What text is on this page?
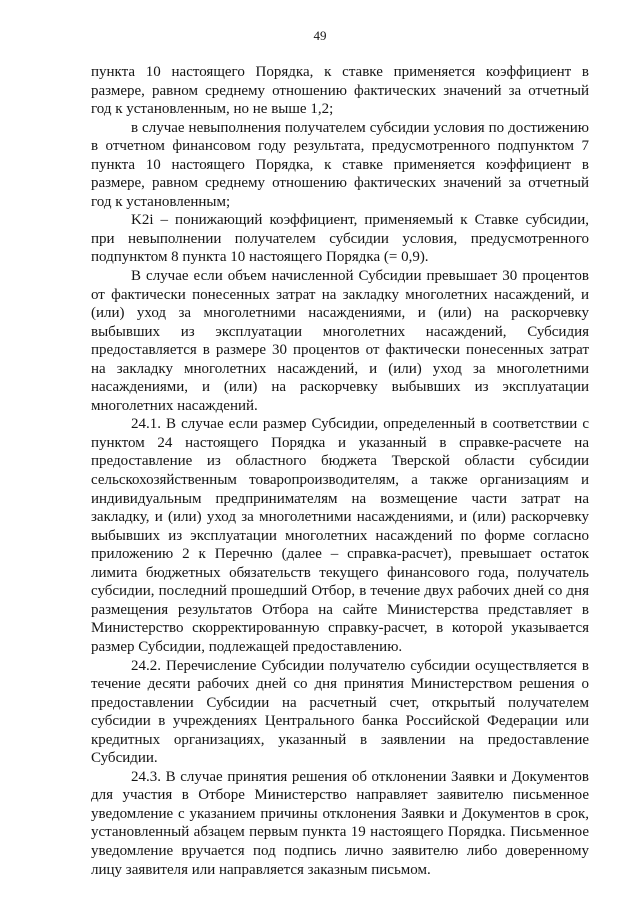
49

пункта 10 настоящего Порядка, к ставке применяется коэффициент в размере, равном среднему отношению фактических значений за отчетный год к установленным, но не выше 1,2;

в случае невыполнения получателем субсидии условия по достижению в отчетном финансовом году результата, предусмотренного подпунктом 7 пункта 10 настоящего Порядка, к ставке применяется коэффициент в размере, равном среднему отношению фактических значений за отчетный год к установленным;

K2i – понижающий коэффициент, применяемый к Ставке субсидии, при невыполнении получателем субсидии условия, предусмотренного подпунктом 8 пункта 10 настоящего Порядка (= 0,9).

В случае если объем начисленной Субсидии превышает 30 процентов от фактически понесенных затрат на закладку многолетних насаждений, и (или) уход за многолетними насаждениями, и (или) на раскорчевку выбывших из эксплуатации многолетних насаждений, Субсидия предоставляется в размере 30 процентов от фактически понесенных затрат на закладку многолетних насаждений, и (или) уход за многолетними насаждениями, и (или) на раскорчевку выбывших из эксплуатации многолетних насаждений.

24.1. В случае если размер Субсидии, определенный в соответствии с пунктом 24 настоящего Порядка и указанный в справке-расчете на предоставление из областного бюджета Тверской области субсидии сельскохозяйственным товаропроизводителям, а также организациям и индивидуальным предпринимателям на возмещение части затрат на закладку, и (или) уход за многолетними насаждениями, и (или) раскорчевку выбывших из эксплуатации многолетних насаждений по форме согласно приложению 2 к Перечню (далее – справка-расчет), превышает остаток лимита бюджетных обязательств текущего финансового года, получатель субсидии, последний прошедший Отбор, в течение двух рабочих дней со дня размещения результатов Отбора на сайте Министерства представляет в Министерство скорректированную справку-расчет, в которой указывается размер Субсидии, подлежащей предоставлению.

24.2. Перечисление Субсидии получателю субсидии осуществляется в течение десяти рабочих дней со дня принятия Министерством решения о предоставлении Субсидии на расчетный счет, открытый получателем субсидии в учреждениях Центрального банка Российской Федерации или кредитных организациях, указанный в заявлении на предоставление Субсидии.

24.3. В случае принятия решения об отклонении Заявки и Документов для участия в Отборе Министерство направляет заявителю письменное уведомление с указанием причины отклонения Заявки и Документов в срок, установленный абзацем первым пункта 19 настоящего Порядка. Письменное уведомление вручается под подпись лично заявителю либо доверенному лицу заявителя или направляется заказным письмом.
